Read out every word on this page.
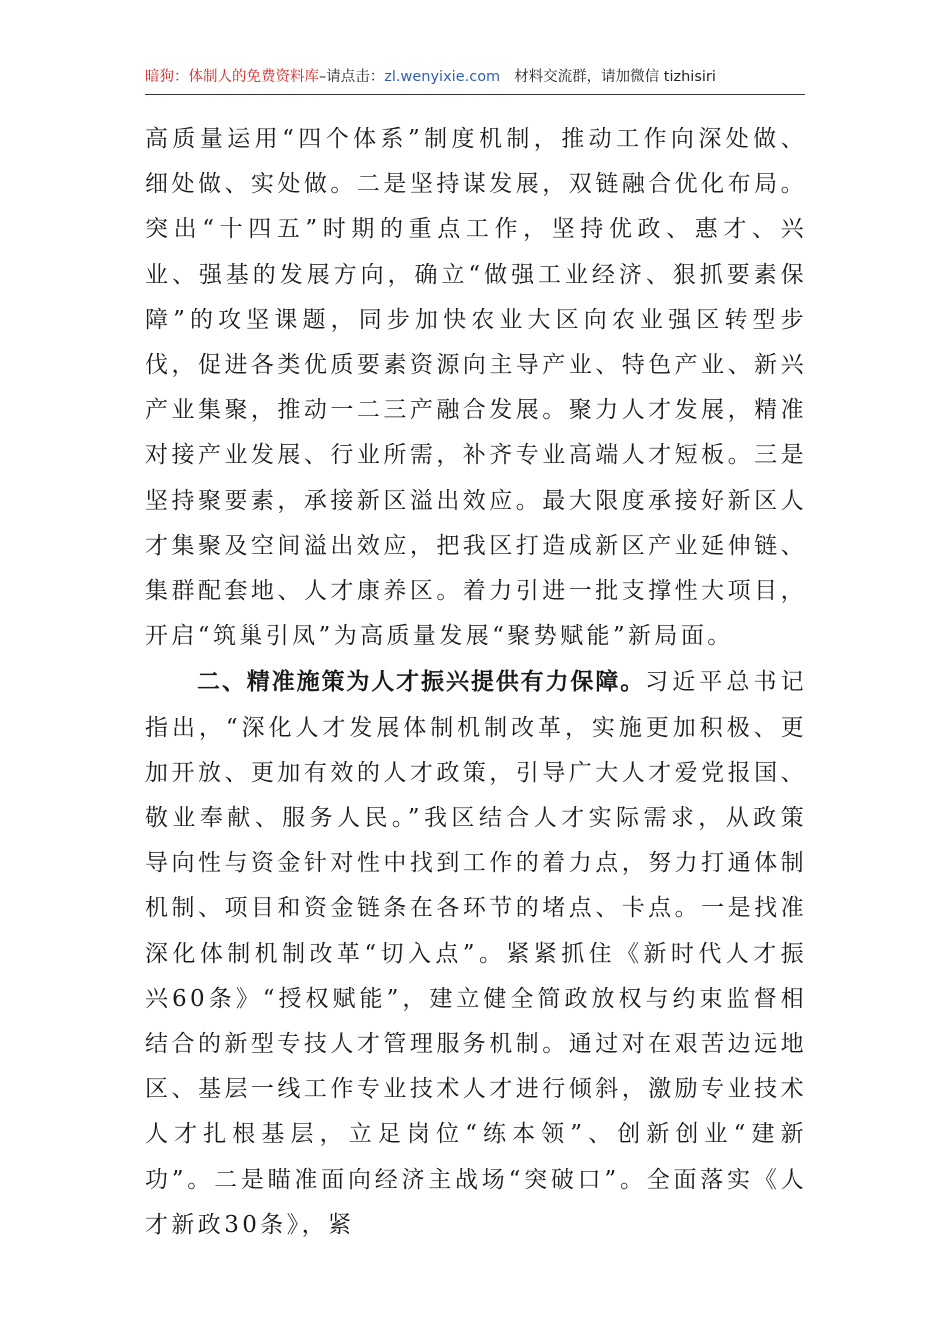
暗狗：体制人的免费资料库 –请点击： zl.wenyixie.com 材料交流群，请加微信 tizhisiri

高质量运用“四个体系”制度机制，推动工作向深处做、细处做、实处做。二是坚持谋发展，双链融合优化布局。突出“十四五”时期的重点工作，坚持优政、惠才、兴业、强基的发展方向，确立“做强工业经济、狠抓要素保障”的攻坚课题，同步加快农业大区向农业强区转型步伐，促进各类优质要素资源向主导产业、特色产业、新兴产业集聚，推动一二三产融合发展。聚力人才发展，精准对接产业发展、行业所需，补齐专业高端人才短板。三是坚持聚要素，承接新区溢出效应。最大限度承接好新区人才集聚及空间溢出效应，把我区打造成新区产业延伸链、集群配套地、人才康养区。着力引进一批支撑性大项目，开启“筑巢引凤”为高质量发展“聚势赋能”新局面。

二、精准施策为人才振兴提供有力保障。习近平总书记指出，“深化人才发展体制机制改革，实施更加积极、更加开放、更加有效的人才政策，引导广大人才爱党报国、敬业奉献、服务人民。”我区结合人才实际需求，从政策导向性与资金针对性中找到工作的着力点，努力打通体制机制、项目和资金链条在各环节的堵点、卡点。一是找准深化体制机制改革“切入点”。紧紧抓住《新时代人才振兴60条》“授权赋能”，建立健全简政放权与约束监督相结合的新型专技人才管理服务机制。通过对在艰苦边远地区、基层一线工作专业技术人才进行倾斜，激励专业技术人才扎根基层，立足岗位“练本领”、创新创业“建新功”。二是瞄准面向经济主战场“突破口”。全面落实《人才新政30条》，紧
